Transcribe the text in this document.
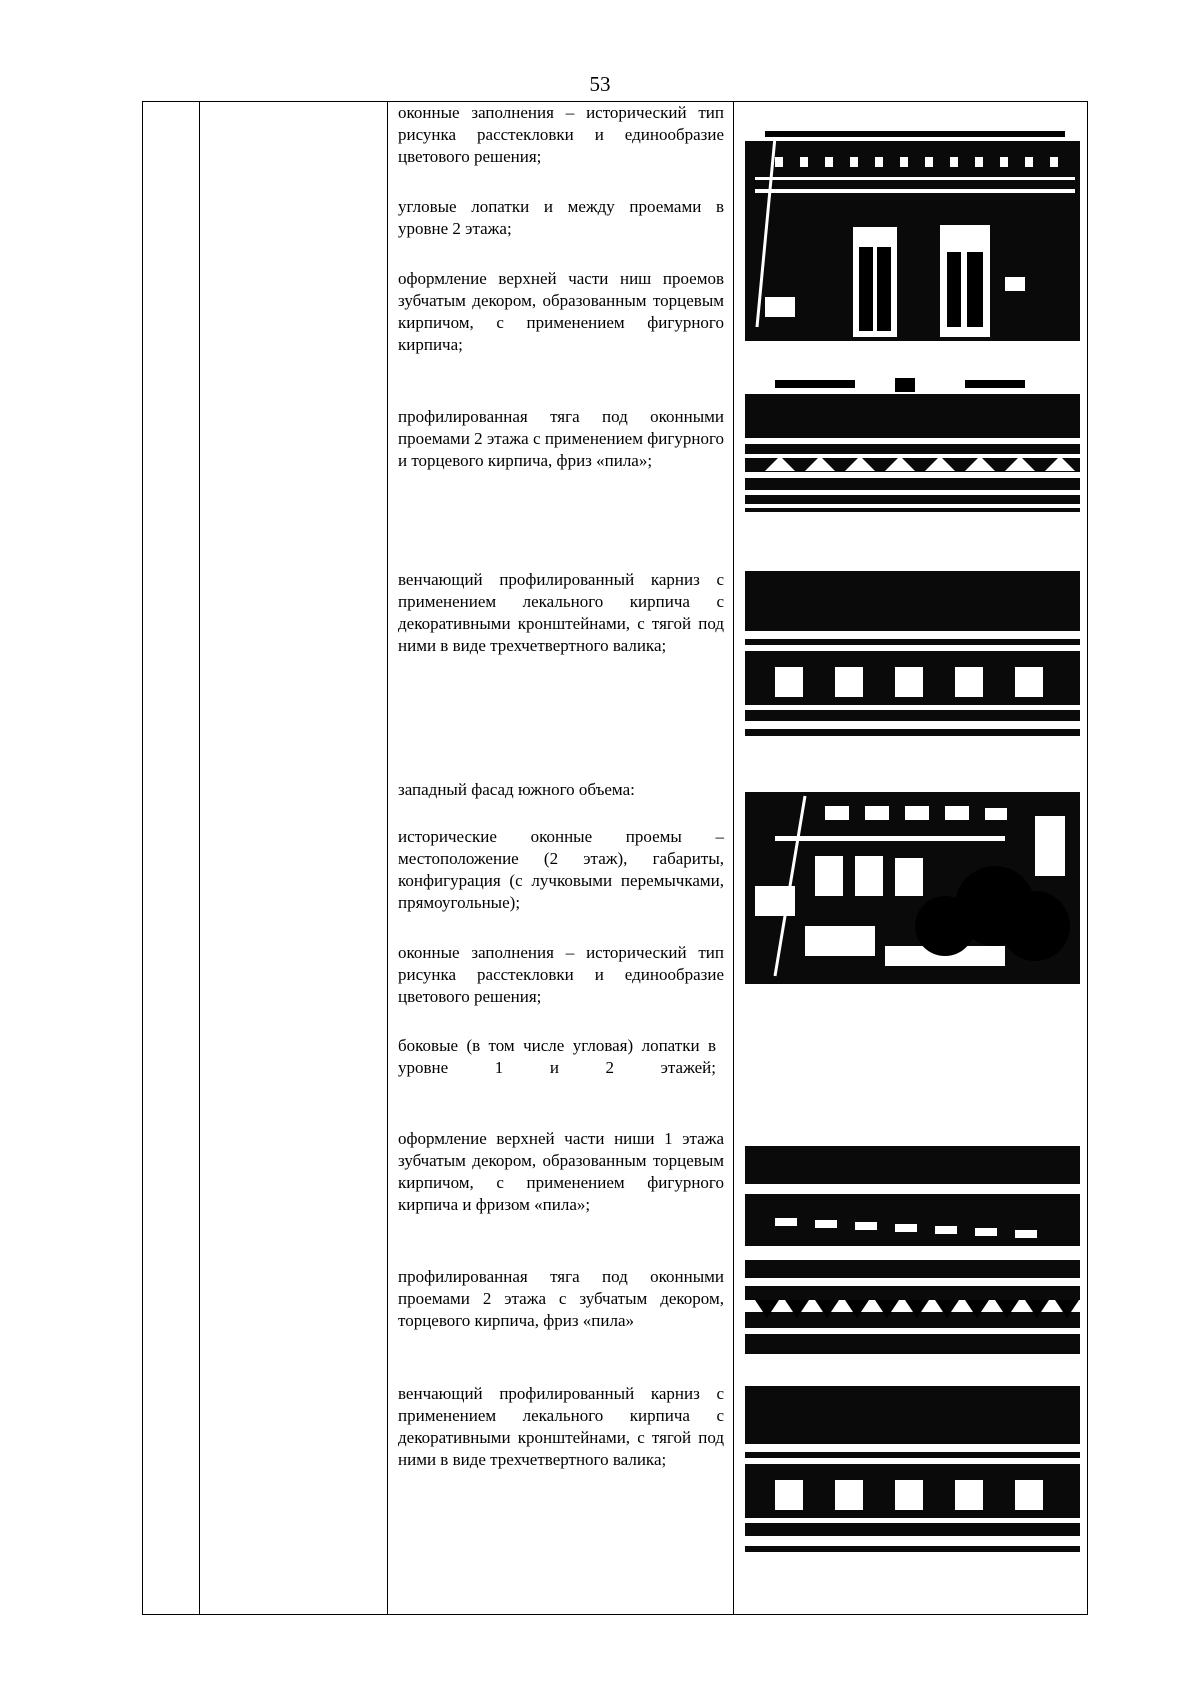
53
оконные заполнения – исторический тип рисунка расстекловки и единообразие цветового решения;
угловые лопатки и между проемами в уровне 2 этажа;
оформление верхней части ниш проемов зубчатым декором, образованным торцевым кирпичом, с применением фигурного кирпича;
профилированная тяга под оконными проемами 2 этажа с применением фигурного и торцевого кирпича, фриз «пила»;
венчающий профилированный карниз с применением лекального кирпича с декоративными кронштейнами, с тягой под ними в виде трехчетвертного валика;
западный фасад южного объема:
исторические оконные проемы – местоположение (2 этаж), габариты, конфигурация (с лучковыми перемычками, прямоугольные);
оконные заполнения – исторический тип рисунка расстекловки и единообразие цветового решения;
боковые (в том числе угловая) лопатки в уровне 1 и 2 этажей;
оформление верхней части ниши 1 этажа зубчатым декором, образованным торцевым кирпичом, с применением фигурного кирпича и фризом «пила»;
профилированная тяга под оконными проемами 2 этажа с зубчатым декором, торцевого кирпича, фриз «пила»
венчающий профилированный карниз с применением лекального кирпича с декоративными кронштейнами, с тягой под ними в виде трехчетвертного валика;
